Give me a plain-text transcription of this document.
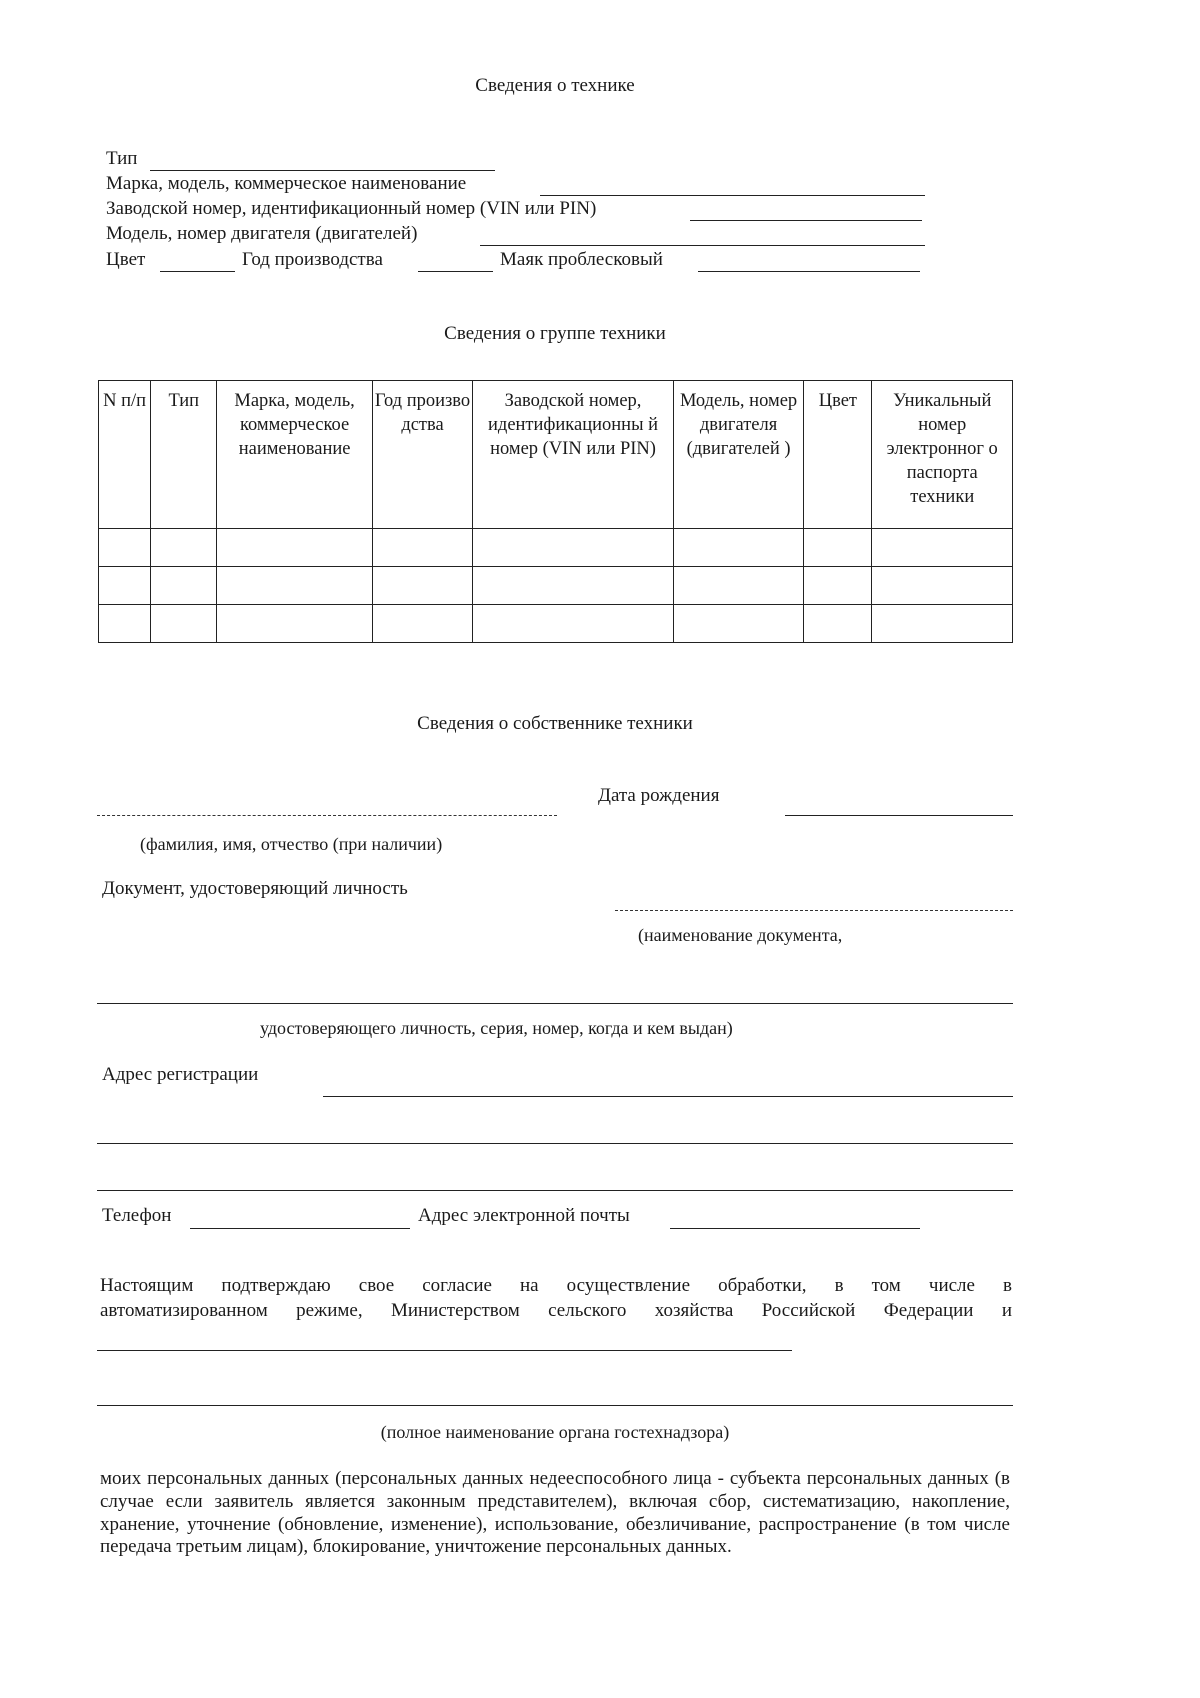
Сведения о технике
Тип
Марка, модель, коммерческое наименование
Заводской номер, идентификационный номер (VIN или PIN)
Модель, номер двигателя (двигателей)
Цвет	Год производства	Маяк проблесковый
Сведения о группе техники
N п/п	Тип	Марка, модель, коммерческое наименование	Год произво дства	Заводской номер, идентификационны й номер (VIN или PIN)	Модель, номер двигателя (двигателей )	Цвет	Уникальный номер электронног о паспорта техники

Сведения о собственнике техники
Дата рождения
(фамилия, имя, отчество (при наличии)
Документ, удостоверяющий личность
(наименование документа,
удостоверяющего личность, серия, номер, когда и кем выдан)
Адрес регистрации
Телефон	Адрес электронной почты
Настоящим подтверждаю свое согласие на осуществление обработки, в том числе в
автоматизированном режиме, Министерством сельского хозяйства Российской Федерации и
(полное наименование органа гостехнадзора)
моих персональных данных (персональных данных недееспособного лица - субъекта персональных данных (в случае если заявитель является законным представителем), включая сбор, систематизацию, накопление, хранение, уточнение (обновление, изменение), использование, обезличивание, распространение (в том числе передача третьим лицам), блокирование, уничтожение персональных данных.
